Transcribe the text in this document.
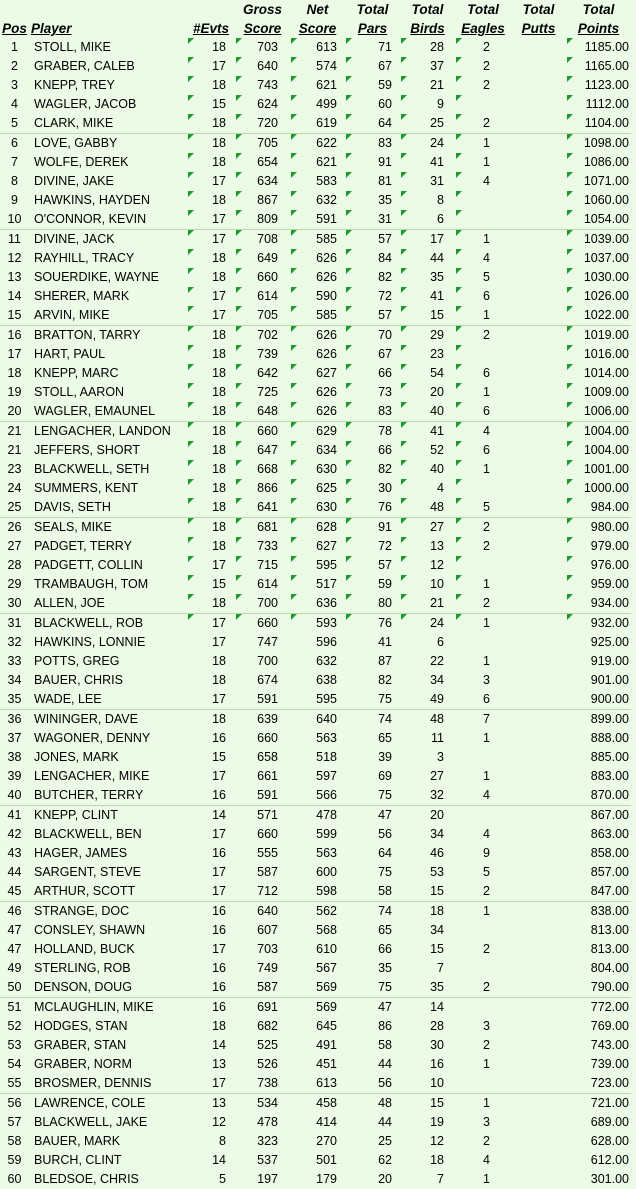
			Gross	Net	Total	Total	Total	Total	Total
Pos	Player	#Evts	Score	Score	Pars	Birds	Eagles	Putts	Points
1	STOLL, MIKE	18	703	613	71	28	2		1185.00
2	GRABER, CALEB	17	640	574	67	37	2		1165.00
3	KNEPP, TREY	18	743	621	59	21	2		1123.00
4	WAGLER, JACOB	15	624	499	60	9			1112.00
5	CLARK, MIKE	18	720	619	64	25	2		1104.00
6	LOVE, GABBY	18	705	622	83	24	1		1098.00
7	WOLFE, DEREK	18	654	621	91	41	1		1086.00
8	DIVINE, JAKE	17	634	583	81	31	4		1071.00
9	HAWKINS, HAYDEN	18	867	632	35	8			1060.00
10	O'CONNOR, KEVIN	17	809	591	31	6			1054.00
11	DIVINE, JACK	17	708	585	57	17	1		1039.00
12	RAYHILL, TRACY	18	649	626	84	44	4		1037.00
13	SOUERDIKE, WAYNE	18	660	626	82	35	5		1030.00
14	SHERER, MARK	17	614	590	72	41	6		1026.00
15	ARVIN, MIKE	17	705	585	57	15	1		1022.00
16	BRATTON, TARRY	18	702	626	70	29	2		1019.00
17	HART, PAUL	18	739	626	67	23			1016.00
18	KNEPP, MARC	18	642	627	66	54	6		1014.00
19	STOLL, AARON	18	725	626	73	20	1		1009.00
20	WAGLER, EMAUNEL	18	648	626	83	40	6		1006.00
21	LENGACHER, LANDON	18	660	629	78	41	4		1004.00
21	JEFFERS, SHORT	18	647	634	66	52	6		1004.00
23	BLACKWELL, SETH	18	668	630	82	40	1		1001.00
24	SUMMERS, KENT	18	866	625	30	4			1000.00
25	DAVIS, SETH	18	641	630	76	48	5		984.00
26	SEALS, MIKE	18	681	628	91	27	2		980.00
27	PADGET, TERRY	18	733	627	72	13	2		979.00
28	PADGETT, COLLIN	17	715	595	57	12			976.00
29	TRAMBAUGH, TOM	15	614	517	59	10	1		959.00
30	ALLEN, JOE	18	700	636	80	21	2		934.00
31	BLACKWELL, ROB	17	660	593	76	24	1		932.00
32	HAWKINS, LONNIE	17	747	596	41	6			925.00
33	POTTS, GREG	18	700	632	87	22	1		919.00
34	BAUER, CHRIS	18	674	638	82	34	3		901.00
35	WADE, LEE	17	591	595	75	49	6		900.00
36	WININGER, DAVE	18	639	640	74	48	7		899.00
37	WAGONER, DENNY	16	660	563	65	11	1		888.00
38	JONES, MARK	15	658	518	39	3			885.00
39	LENGACHER, MIKE	17	661	597	69	27	1		883.00
40	BUTCHER, TERRY	16	591	566	75	32	4		870.00
41	KNEPP, CLINT	14	571	478	47	20			867.00
42	BLACKWELL, BEN	17	660	599	56	34	4		863.00
43	HAGER, JAMES	16	555	563	64	46	9		858.00
44	SARGENT, STEVE	17	587	600	75	53	5		857.00
45	ARTHUR, SCOTT	17	712	598	58	15	2		847.00
46	STRANGE, DOC	16	640	562	74	18	1		838.00
47	CONSLEY, SHAWN	16	607	568	65	34			813.00
47	HOLLAND, BUCK	17	703	610	66	15	2		813.00
49	STERLING, ROB	16	749	567	35	7			804.00
50	DENSON, DOUG	16	587	569	75	35	2		790.00
51	MCLAUGHLIN, MIKE	16	691	569	47	14			772.00
52	HODGES, STAN	18	682	645	86	28	3		769.00
53	GRABER, STAN	14	525	491	58	30	2		743.00
54	GRABER, NORM	13	526	451	44	16	1		739.00
55	BROSMER, DENNIS	17	738	613	56	10			723.00
56	LAWRENCE, COLE	13	534	458	48	15	1		721.00
57	BLACKWELL, JAKE	12	478	414	44	19	3		689.00
58	BAUER, MARK	8	323	270	25	12	2		628.00
59	BURCH, CLINT	14	537	501	62	18	4		612.00
60	BLEDSOE, CHRIS	5	197	179	20	7	1		301.00
